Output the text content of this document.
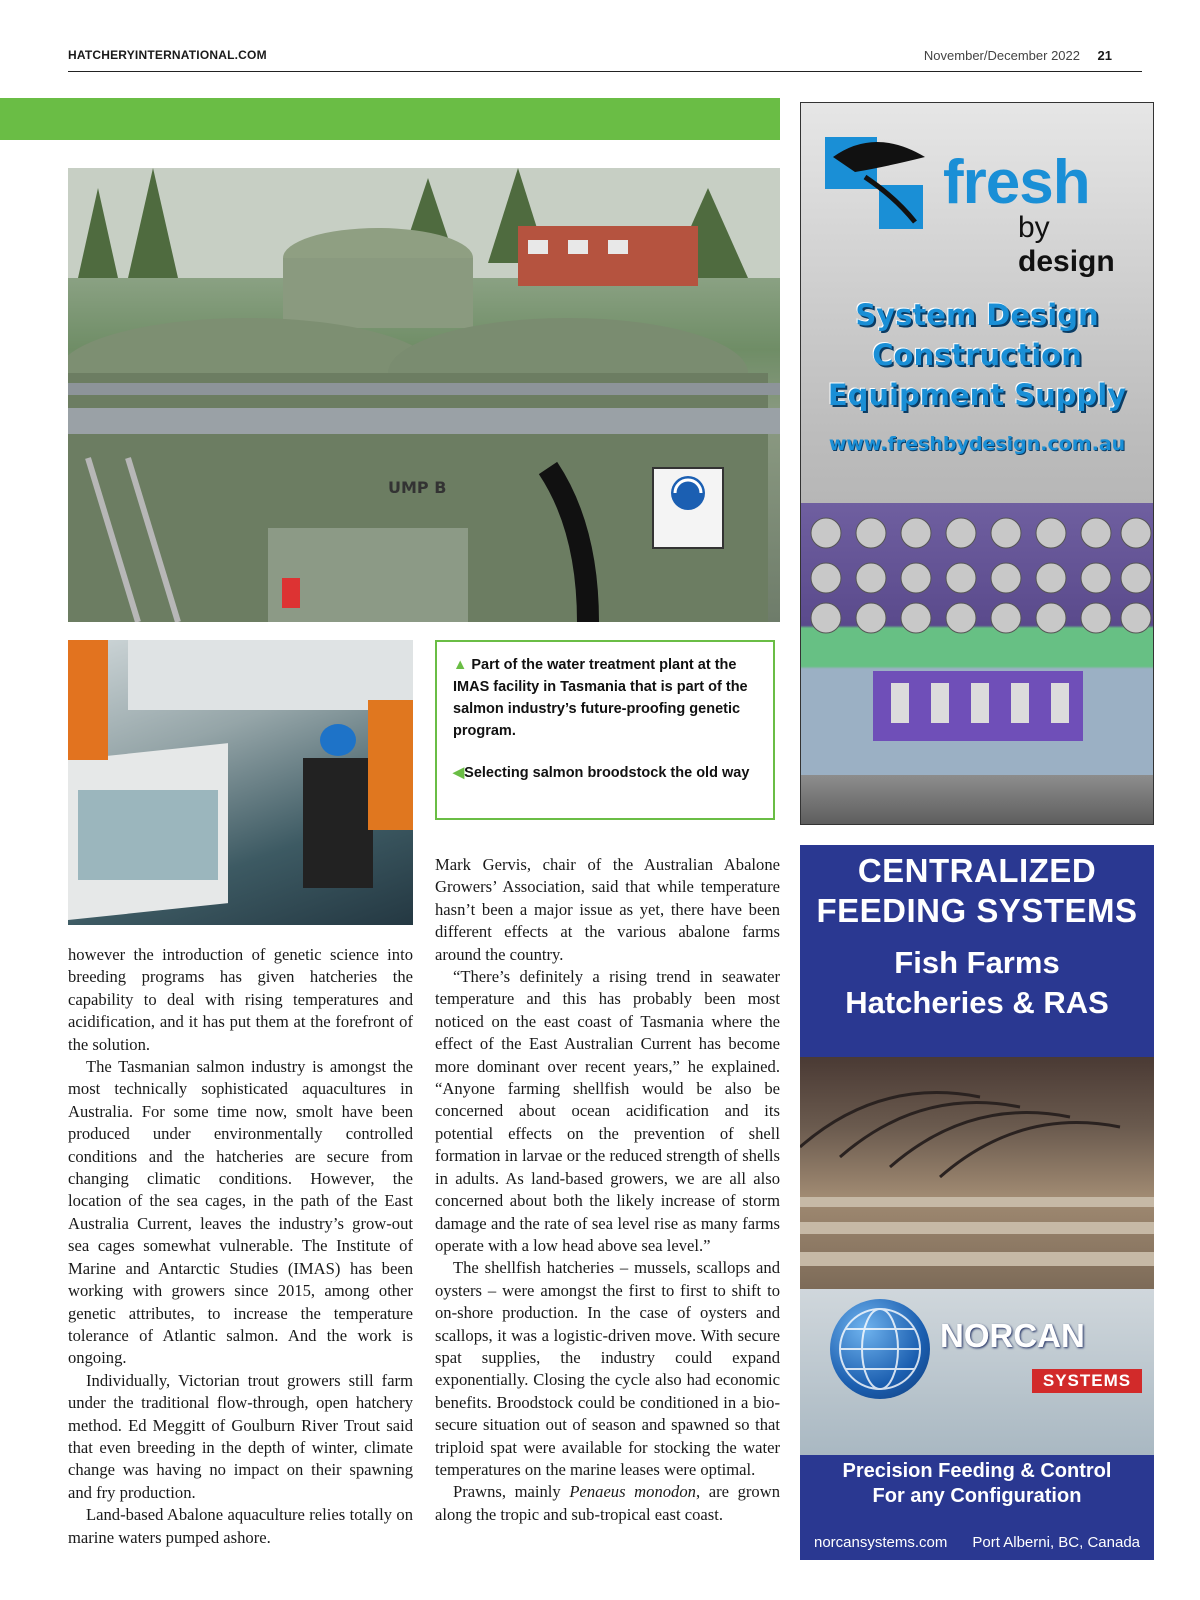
HATCHERYINTERNATIONAL.COM	November/December 2022 21
UMP B

▲ Part of the water treatment plant at the IMAS facility in Tasmania that is part of the salmon industry’s future-proofing genetic program.

◀Selecting salmon broodstock the old way

however the introduction of genetic science into breeding programs has given hatcheries the capability to deal with rising temperatures and acidification, and it has put them at the forefront of the solution.

The Tasmanian salmon industry is amongst the most technically sophisticated aquacultures in Australia. For some time now, smolt have been produced under environmentally controlled conditions and the hatcheries are secure from changing climatic conditions. However, the location of the sea cages, in the path of the East Australia Current, leaves the industry’s grow-out sea cages somewhat vulnerable. The Institute of Marine and Antarctic Studies (IMAS) has been working with growers since 2015, among other genetic attributes, to increase the temperature tolerance of Atlantic salmon. And the work is ongoing.

Individually, Victorian trout growers still farm under the traditional flow-through, open hatchery method. Ed Meggitt of Goulburn River Trout said that even breeding in the depth of winter, climate change was having no impact on their spawning and fry production.

Land-based Abalone aquaculture relies totally on marine waters pumped ashore.

Mark Gervis, chair of the Australian Abalone Growers’ Association, said that while temperature hasn’t been a major issue as yet, there have been different effects at the various abalone farms around the country.

“There’s definitely a rising trend in seawater temperature and this has probably been most noticed on the east coast of Tasmania where the effect of the East Australian Current has become more dominant over recent years,” he explained. “Anyone farming shellfish would be also be concerned about ocean acidification and its potential effects on the prevention of shell formation in larvae or the reduced strength of shells in adults. As land-based growers, we are all also concerned about both the likely increase of storm damage and the rate of sea level rise as many farms operate with a low head above sea level.”

The shellfish hatcheries – mussels, scallops and oysters – were amongst the first to first to shift to on-shore production. In the case of oysters and scallops, it was a logistic-driven move. With secure spat supplies, the industry could expand exponentially. Closing the cycle also had economic benefits. Broodstock could be conditioned in a bio-secure situation out of season and spawned so that triploid spat were available for stocking the water temperatures on the marine leases were optimal.

Prawns, mainly Penaeus monodon, are grown along the tropic and sub-tropical east coast.

fresh
by design
System Design
Construction
Equipment Supply
www.freshbydesign.com.au
CENTRALIZED
FEEDING SYSTEMS
Fish Farms
Hatcheries & RAS
NORCAN
SYSTEMS
Precision Feeding & Control
For any Configuration
norcansystems.com Port Alberni, BC, Canada
